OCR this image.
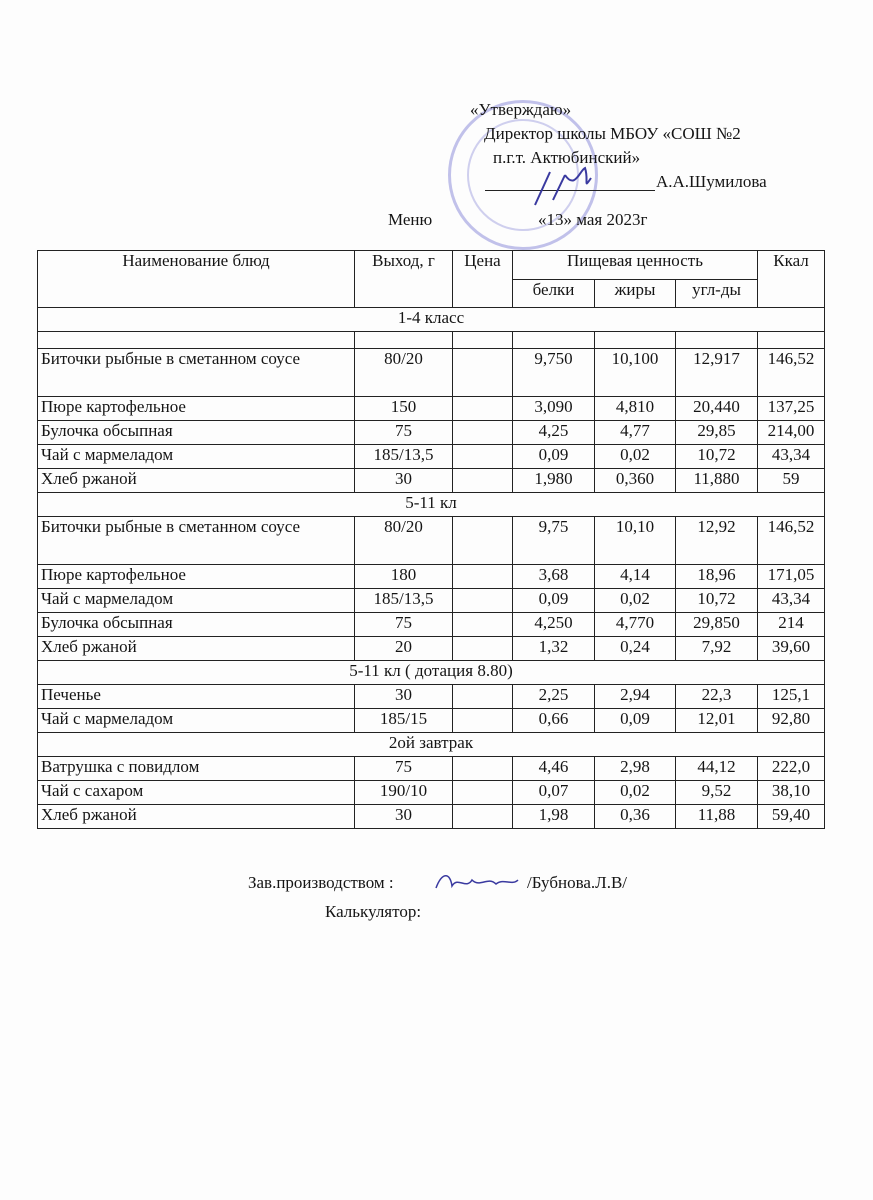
«Утверждаю»
Директор школы МБОУ «СОШ №2
п.г.т. Актюбинский»
А.А.Шумилова
Меню	«13» мая 2023г
Наименование блюд	Выход, г	Цена	Пищевая ценность			Ккал
			белки	жиры	угл-ды	
1-4 класс						

Биточки рыбные в сметанном соусе	80/20		9,750	10,100	12,917	146,52
Пюре картофельное	150		3,090	4,810	20,440	137,25
Булочка обсыпная	75		4,25	4,77	29,85	214,00
Чай с мармеладом	185/13,5		0,09	0,02	10,72	43,34
Хлеб ржаной	30		1,980	0,360	11,880	59
5-11 кл						
Биточки рыбные в сметанном соусе	80/20		9,75	10,10	12,92	146,52
Пюре картофельное	180		3,68	4,14	18,96	171,05
Чай с мармеладом	185/13,5		0,09	0,02	10,72	43,34
Булочка обсыпная	75		4,250	4,770	29,850	214
Хлеб ржаной	20		1,32	0,24	7,92	39,60
5-11 кл ( дотация 8.80)						
Печенье	30		2,25	2,94	22,3	125,1
Чай с мармеладом	185/15		0,66	0,09	12,01	92,80
2ой завтрак						
Ватрушка с повидлом	75		4,46	2,98	44,12	222,0
Чай с сахаром	190/10		0,07	0,02	9,52	38,10
Хлеб ржаной	30		1,98	0,36	11,88	59,40
Зав.производством :	/Бубнова.Л.В/
Калькулятор:
